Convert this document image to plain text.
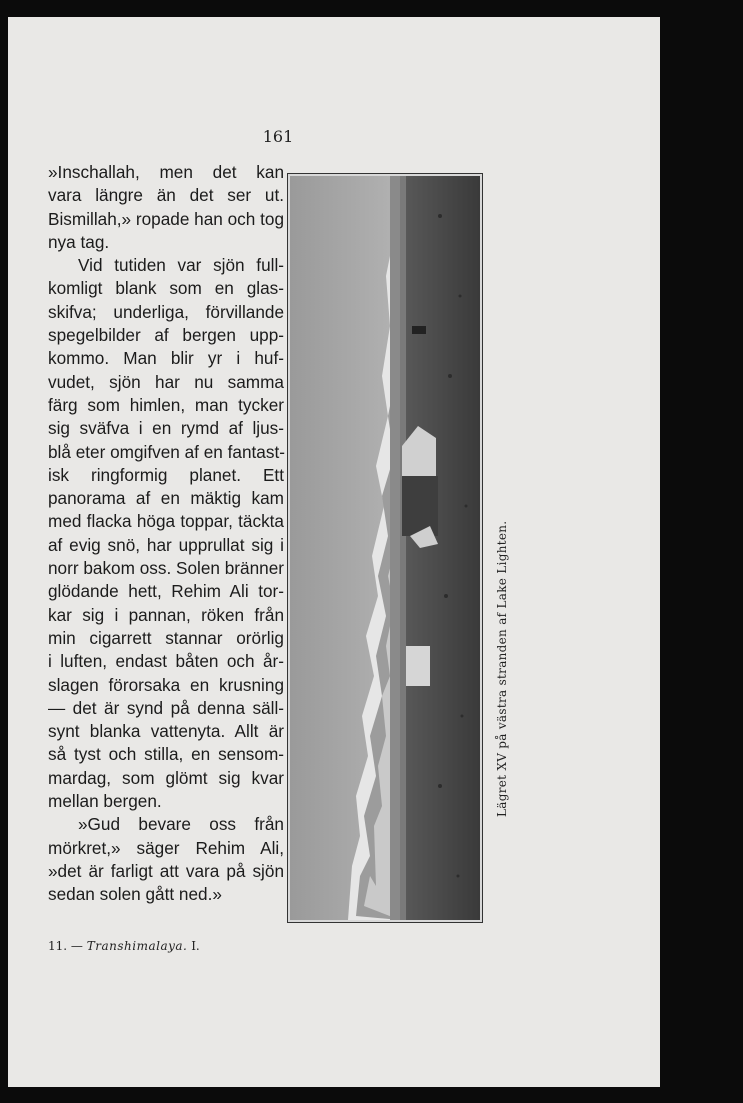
161
»Inschallah, men det kan
vara längre än det ser ut.
Bismillah,» ropade han och tog
nya tag.
Vid tutiden var sjön full-
komligt blank som en glas-
skifva; underliga, förvillande
spegelbilder af bergen upp-
kommo. Man blir yr i huf-
vudet, sjön har nu samma
färg som himlen, man tycker
sig sväfva i en rymd af ljus-
blå eter omgifven af en fantast-
isk ringformig planet. Ett
panorama af en mäktig kam
med flacka höga toppar, täckta
af evig snö, har upprullat sig i
norr bakom oss. Solen bränner
glödande hett, Rehim Ali tor-
kar sig i pannan, röken från
min cigarrett stannar orörlig
i luften, endast båten och år-
slagen förorsaka en krusning
— det är synd på denna säll-
synt blanka vattenyta. Allt är
så tyst och stilla, en sensom-
mardag, som glömt sig kvar
mellan bergen.
»Gud bevare oss från
mörkret,» säger Rehim Ali,
»det är farligt att vara på sjön
sedan solen gått ned.»
11. — Transhimalaya. I.
Lägret XV på västra stranden af Lake Lighten.
